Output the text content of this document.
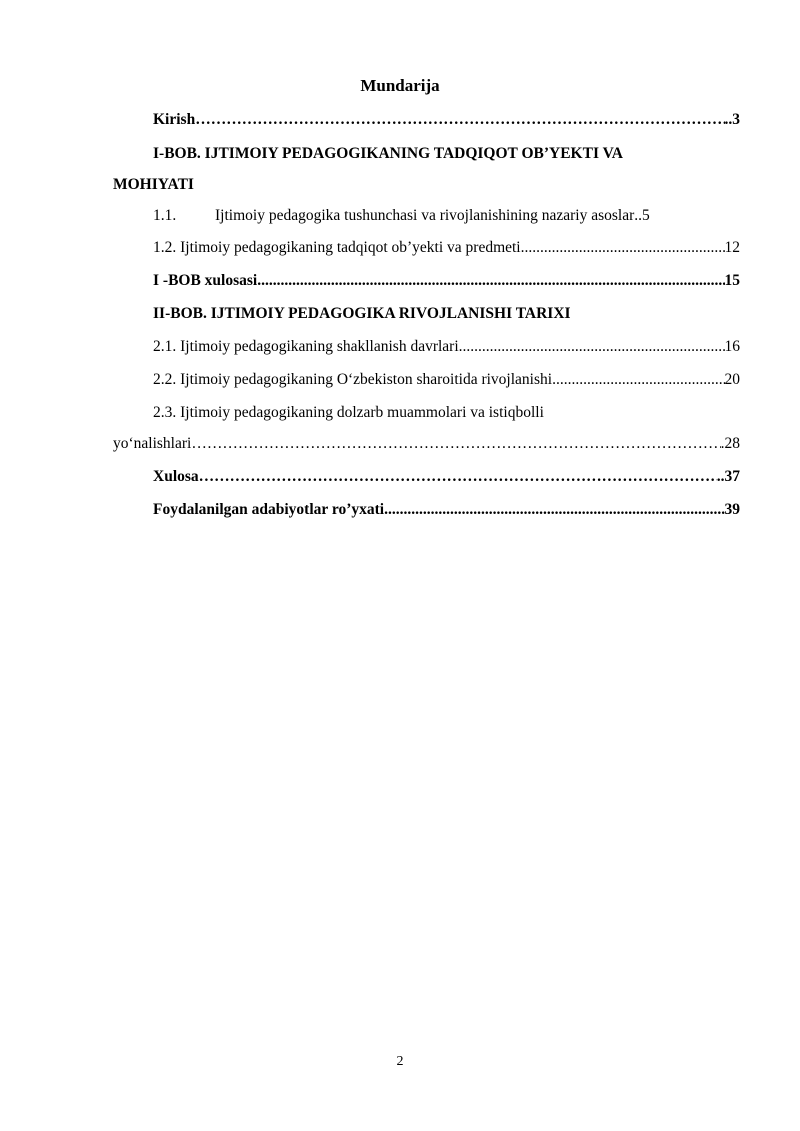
Mundarija
Kirish ……………………………………………………………………………………………………………………………………………	..3
I-BOB. IJTIMOIY PEDAGOGIKANING TADQIQOT OB’YEKTI VA
MOHIYATI
1.1.	Ijtimoiy pedagogika tushunchasi va rivojlanishining nazariy asoslar ..5
1.2. Ijtimoiy pedagogikaning tadqiqot ob’yekti va predmeti .....	12
I -BOB xulosasi .....	15
II-BOB. IJTIMOIY PEDAGOGIKA RIVOJLANISHI TARIXI
2.1. Ijtimoiy pedagogikaning shakllanish davrlari .....	16
2.2. Ijtimoiy pedagogikaning O‘zbekiston sharoitida rivojlanishi .....	20
2.3. Ijtimoiy pedagogikaning dolzarb muammolari va istiqbolli
yo‘nalishlari ……………………………………………………………………………………………………………………………………………	.28
Xulosa ……………………………………………………………………………………………………………………………………………	..37
Foydalanilgan adabiyotlar ro’yxati .....	39
2
